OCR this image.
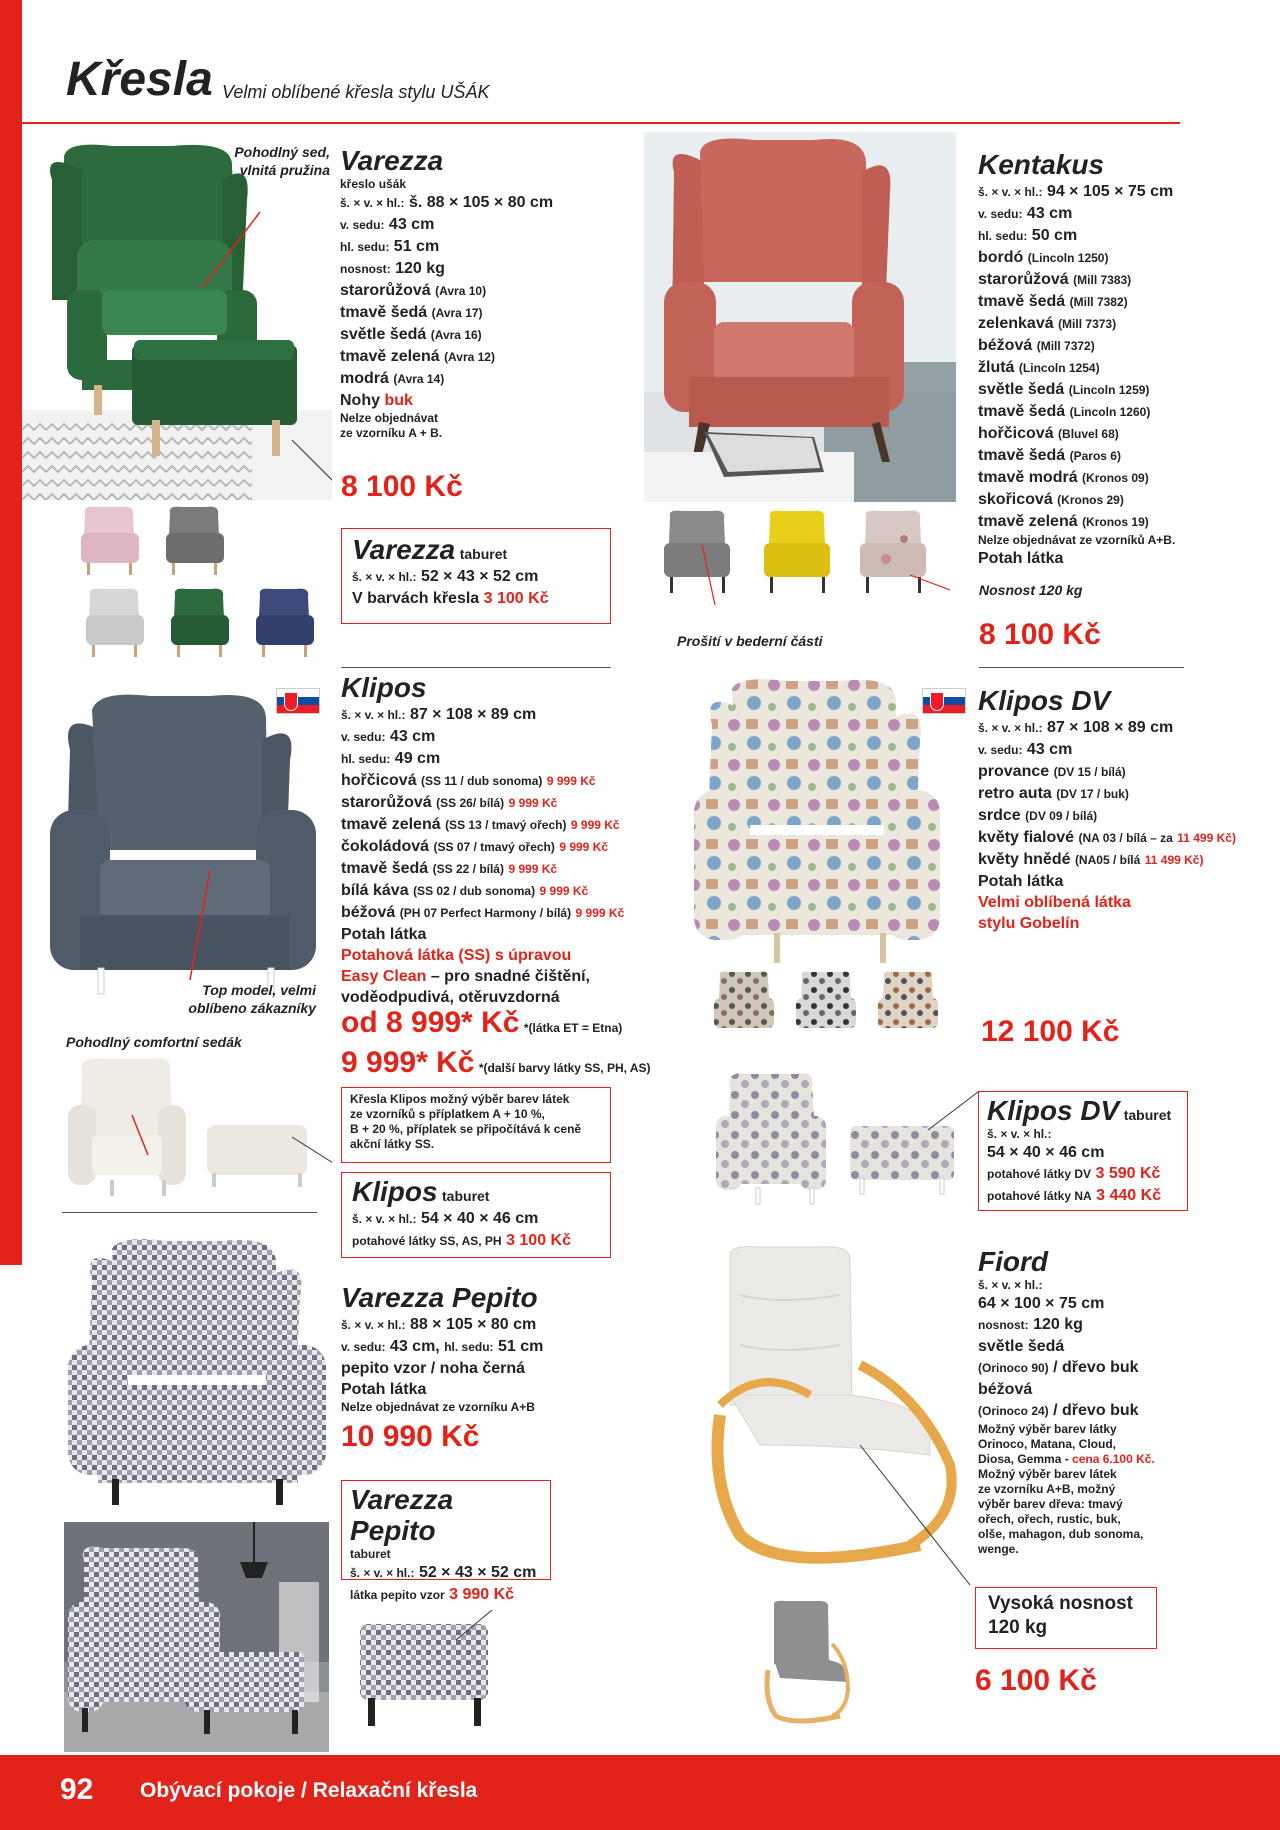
Křesla Velmi oblíbené křesla stylu UŠÁK
Pohodlný sed,
vlnitá pružina Varezza
křeslo ušák
š. × v. × hl.: š. 88 × 105 × 80 cm
v. sedu: 43 cm
hl. sedu: 51 cm
nosnost: 120 kg
starorůžová (Avra 10)
tmavě šedá (Avra 17)
světle šedá (Avra 16)
tmavě zelená (Avra 12)
modrá (Avra 14)
Nohy buk
Nelze objednávat
ze vzorníku A + B.
8 100 Kč
Varezza taburet
š. × v. × hl.: 52 × 43 × 52 cm
V barvách křesla 3 100 Kč
Prošití v bederní části
Nosnost 120 kg
Kentakus
š. × v. × hl.: 94 × 105 × 75 cm
v. sedu: 43 cm
hl. sedu: 50 cm
bordó (Lincoln 1250)
starorůžová (Mill 7383)
tmavě šedá (Mill 7382)
zelenkavá (Mill 7373)
béžová (Mill 7372)
žlutá (Lincoln 1254)
světle šedá (Lincoln 1259)
tmavě šedá (Lincoln 1260)
hořčicová (Bluvel 68)
tmavě šedá (Paros 6)
tmavě modrá (Kronos 09)
skořicová (Kronos 29)
tmavě zelená (Kronos 19)
Nelze objednávat ze vzorníků A+B.
Potah látka
8 100 Kč
Top model, velmi
oblíbeno zákazníky
Pohodlný comfortní sedák
Klipos
š. × v. × hl.: 87 × 108 × 89 cm
v. sedu: 43 cm
hl. sedu: 49 cm
hořčicová (SS 11 / dub sonoma) 9 999 Kč
starorůžová (SS 26/ bílá) 9 999 Kč
tmavě zelená (SS 13 / tmavý ořech) 9 999 Kč
čokoládová (SS 07 / tmavý ořech) 9 999 Kč
tmavě šedá (SS 22 / bílá) 9 999 Kč
bílá káva (SS 02 / dub sonoma) 9 999 Kč
béžová (PH 07 Perfect Harmony / bílá) 9 999 Kč
Potah látka
Potahová látka (SS) s úpravou
Easy Clean – pro snadné čištění,
voděodpudivá, otěruvzdorná
od 8 999* Kč *(látka ET = Etna)
9 999* Kč *(další barvy látky SS, PH, AS)
Křesla Klipos možný výběr barev látek
ze vzorníků s příplatkem A + 10 %,
B + 20 %, příplatek se připočítává k ceně
akční látky SS.
Klipos taburet
š. × v. × hl.: 54 × 40 × 46 cm
potahové látky SS, AS, PH 3 100 Kč
Klipos DV
š. × v. × hl.: 87 × 108 × 89 cm
v. sedu: 43 cm
provance (DV 15 / bílá)
retro auta (DV 17 / buk)
srdce (DV 09 / bílá)
květy fialové (NA 03 / bílá – za 11 499 Kč)
květy hnědé (NA05 / bílá 11 499 Kč)
Potah látka
Velmi oblíbená látka
stylu Gobelín
12 100 Kč
Klipos DV taburet
š. × v. × hl.:
54 × 40 × 46 cm
potahové látky DV 3 590 Kč
potahové látky NA 3 440 Kč
Varezza Pepito
š. × v. × hl.: 88 × 105 × 80 cm
v. sedu: 43 cm, hl. sedu: 51 cm
pepito vzor / noha černá
Potah látka
Nelze objednávat ze vzorníku A+B
10 990 Kč
Varezza Pepito
taburet
š. × v. × hl.: 52 × 43 × 52 cm
látka pepito vzor 3 990 Kč
Fiord
š. × v. × hl.:
64 × 100 × 75 cm
nosnost: 120 kg
světle šedá
(Orinoco 90) / dřevo buk
béžová
(Orinoco 24) / dřevo buk
Možný výběr barev látky
Orinoco, Matana, Cloud,
Diosa, Gemma - cena 6.100 Kč.
Možný výběr barev látek
ze vzorníku A+B, možný
výběr barev dřeva: tmavý
ořech, ořech, rustic, buk,
olše, mahagon, dub sonoma,
wenge.
Vysoká nosnost
120 kg
6 100 Kč
92 Obývací pokoje / Relaxační křesla
